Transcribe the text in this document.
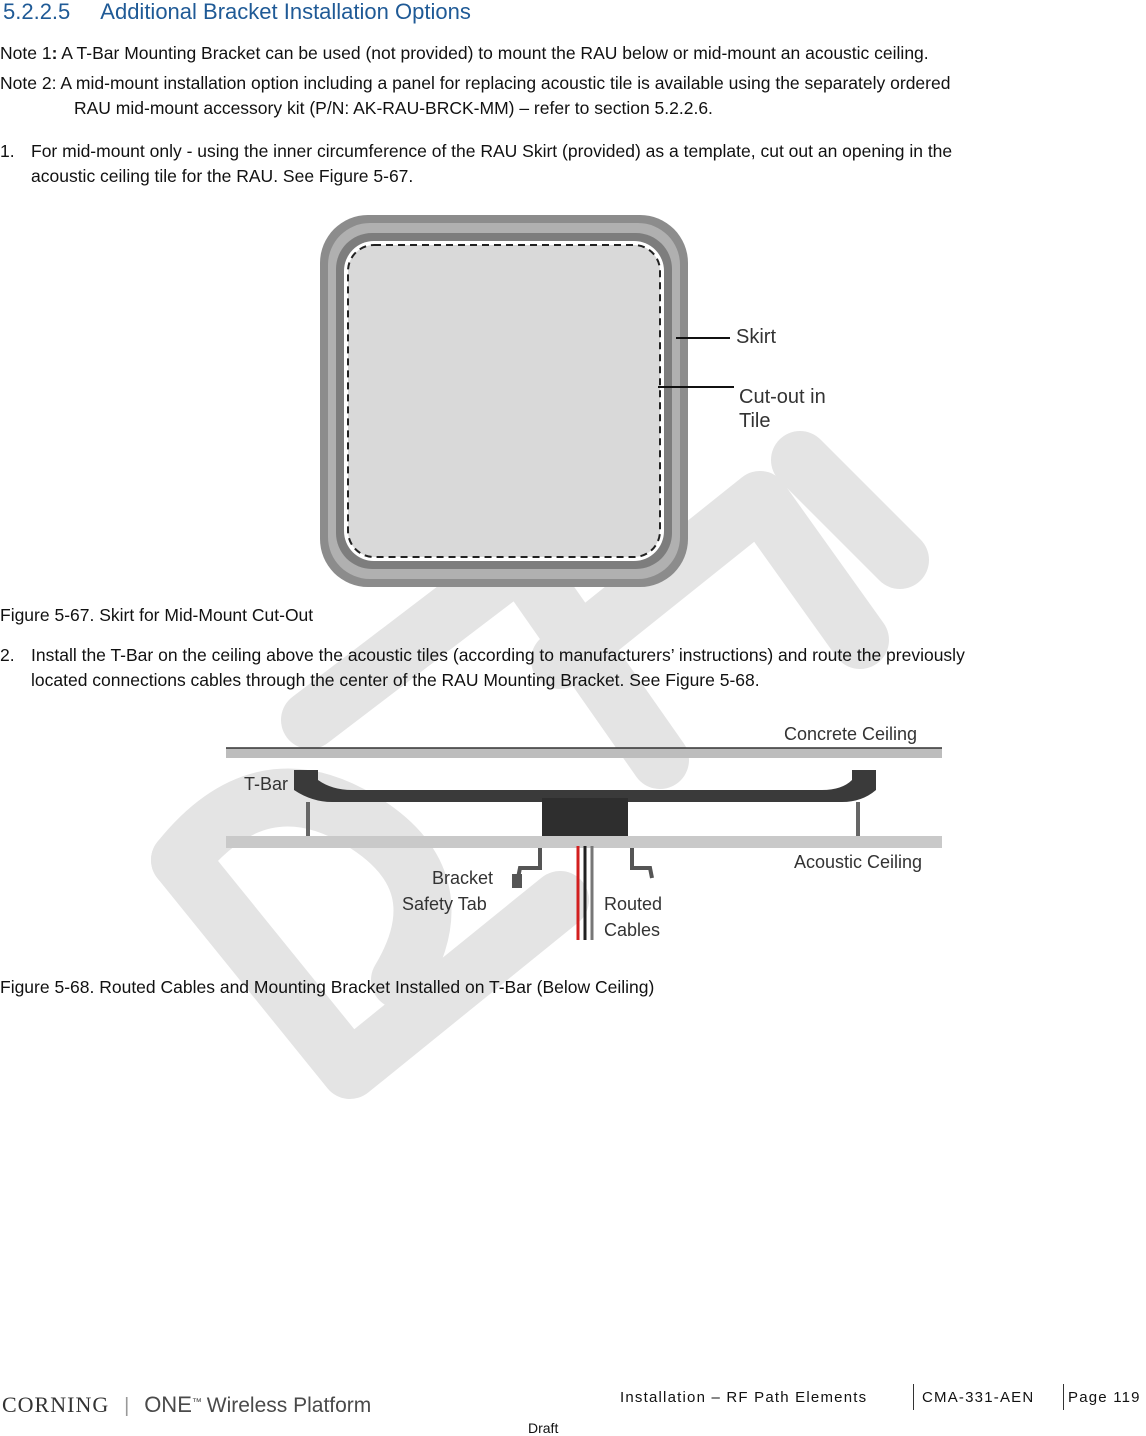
5.2.2.5 Additional Bracket Installation Options
Note 1: A T-Bar Mounting Bracket can be used (not provided) to mount the RAU below or mid-mount an acoustic ceiling.
Note 2: A mid-mount installation option including a panel for replacing acoustic tile is available using the separately ordered
RAU mid-mount accessory kit (P/N: AK-RAU-BRCK-MM) – refer to section 5.2.2.6.
1. For mid-mount only - using the inner circumference of the RAU Skirt (provided) as a template, cut out an opening in the
acoustic ceiling tile for the RAU. See Figure 5-67.
Skirt
Cut-out in
Tile
Figure 5-67. Skirt for Mid-Mount Cut-Out
2. Install the T-Bar on the ceiling above the acoustic tiles (according to manufacturers’ instructions) and route the previously
located connections cables through the center of the RAU Mounting Bracket. See Figure 5-68.
Concrete Ceiling
T-Bar
Acoustic Ceiling
Bracket
Safety Tab	Routed
Cables
Figure 5-68. Routed Cables and Mounting Bracket Installed on T-Bar (Below Ceiling)
CORNING | ONE™ Wireless Platform	Installation – RF Path Elements	CMA-331-AEN Page 119
Draft
